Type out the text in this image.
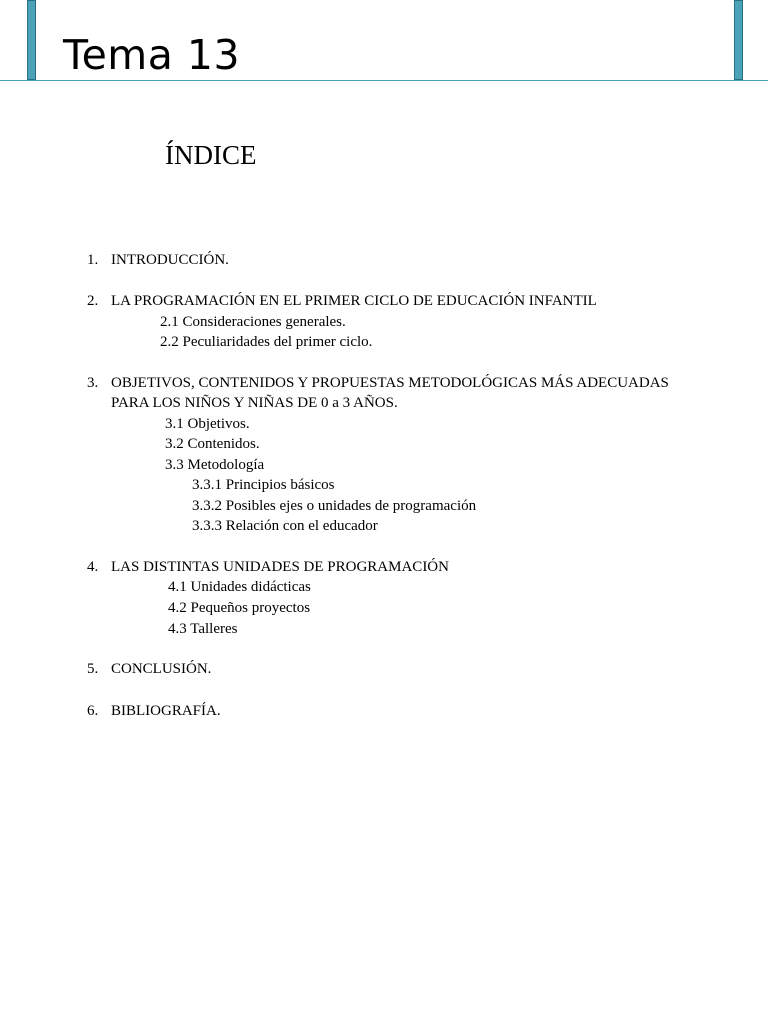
Tema 13
ÍNDICE
1. INTRODUCCIÓN.
2. LA PROGRAMACIÓN EN EL PRIMER CICLO DE EDUCACIÓN INFANTIL
2.1 Consideraciones generales.
2.2 Peculiaridades del primer ciclo.
3. OBJETIVOS, CONTENIDOS Y PROPUESTAS METODOLÓGICAS MÁS ADECUADAS
PARA LOS NIÑOS Y NIÑAS DE 0 a 3 AÑOS.
3.1 Objetivos.
3.2 Contenidos.
3.3 Metodología
3.3.1 Principios básicos
3.3.2 Posibles ejes o unidades de programación
3.3.3 Relación con el educador
4. LAS DISTINTAS UNIDADES DE PROGRAMACIÓN
4.1 Unidades didácticas
4.2 Pequeños proyectos
4.3 Talleres
5. CONCLUSIÓN.
6. BIBLIOGRAFÍA.
